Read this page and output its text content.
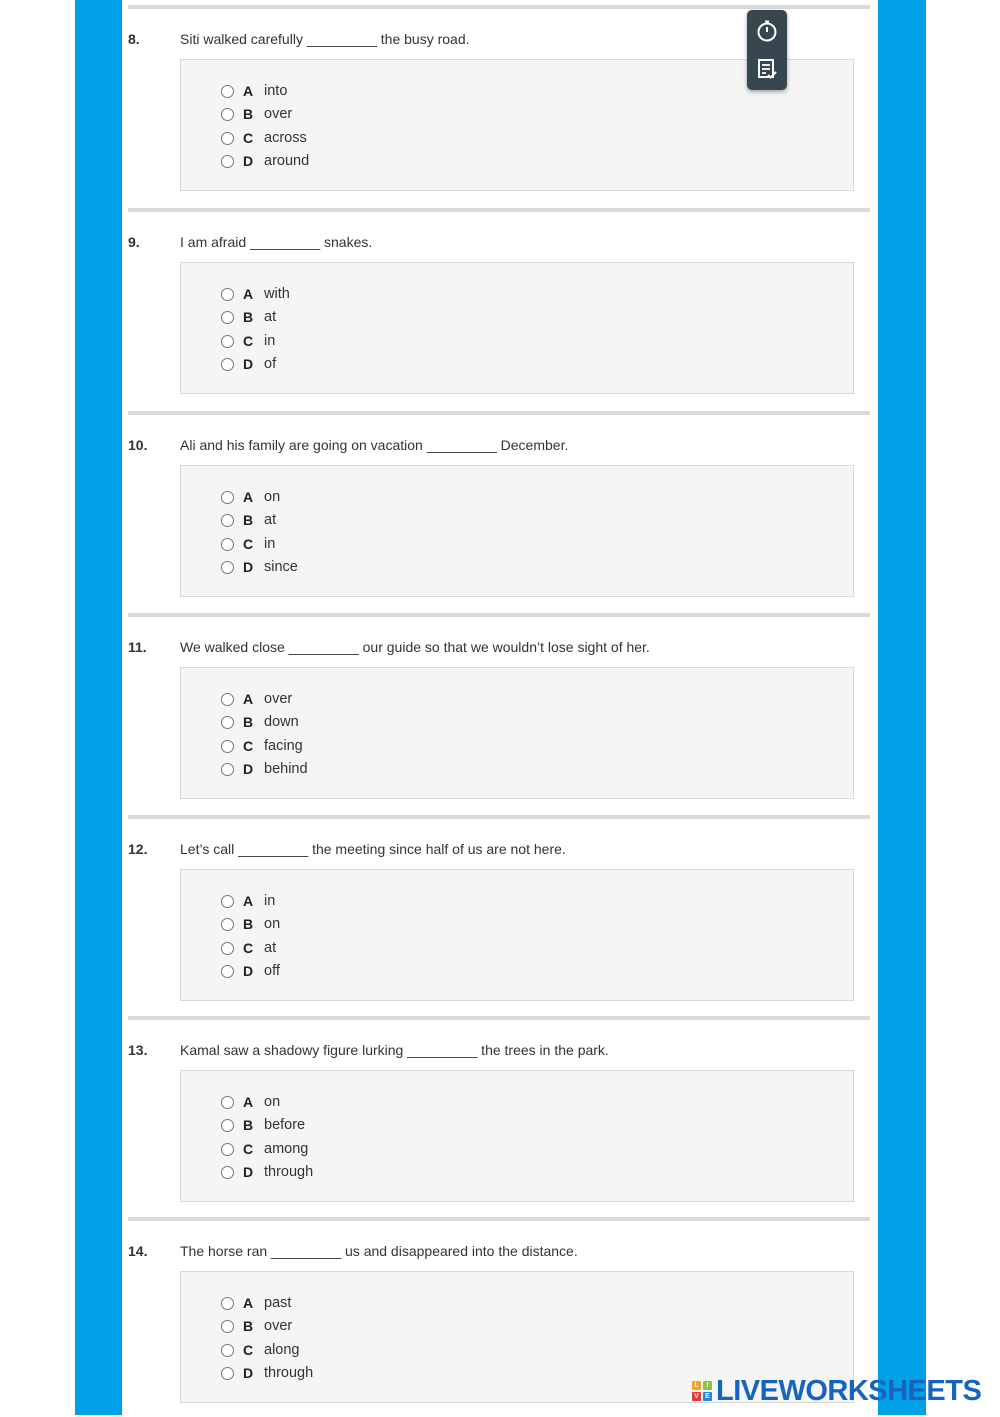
8.	Siti walked carefully _________ the busy road.
A into
B over
C across
D around
9.	I am afraid _________ snakes.
A with
B at
C in
D of
10. Ali and his family are going on vacation _________ December.
A on
B at
C in
D since
11. We walked close _________ our guide so that we wouldn’t lose sight of her.
A over
B down
C facing
D behind
12. Let’s call _________ the meeting since half of us are not here.
A in
B on
C at
D off
13. Kamal saw a shadowy figure lurking _________ the trees in the park.
A on
B before
C among
D through
14. The horse ran _________ us and disappeared into the distance.
A past
B over
C along
D through
L	I
V E LIVEWORKSHEETS
